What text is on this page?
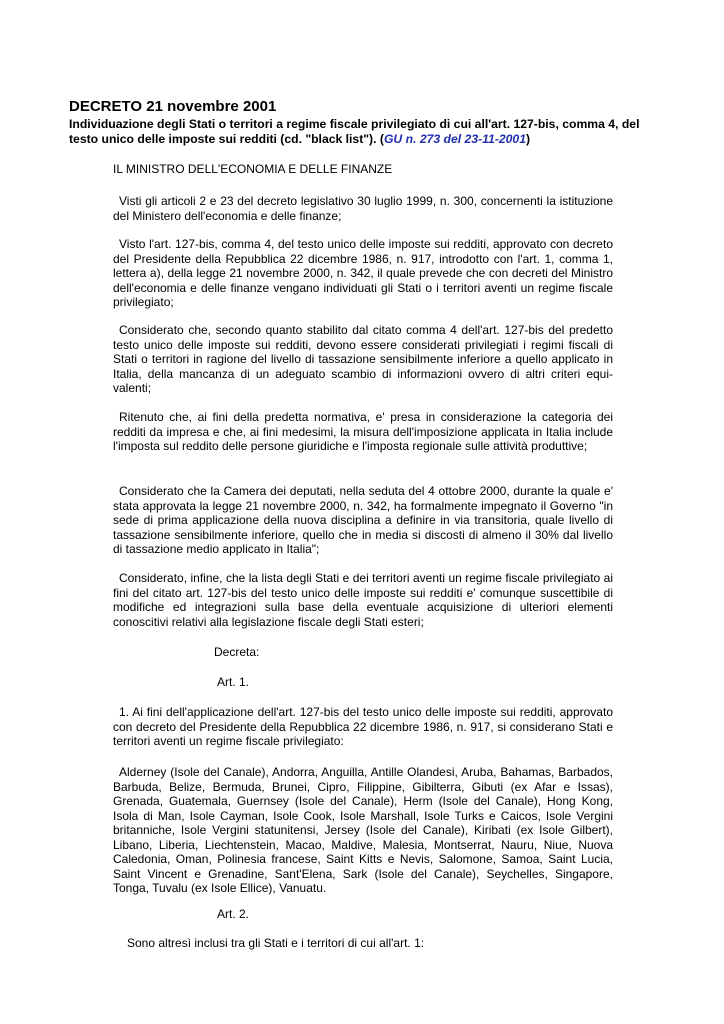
DECRETO 21 novembre 2001

Individuazione degli Stati o territori a regime fiscale privilegiato di cui all'art. 127-bis, comma 4, del testo unico delle imposte sui redditi (cd. "black list"). (GU n. 273 del 23-11-2001)

IL MINISTRO DELL'ECONOMIA E DELLE FINANZE

Visti gli articoli 2 e 23 del decreto legislativo 30 luglio 1999, n. 300, concernenti la istituzione del Ministero dell'economia e delle finanze;

Visto l'art. 127-bis, comma 4, del testo unico delle imposte sui redditi, approvato con decreto del Presidente della Repubblica 22 dicembre 1986, n. 917, introdotto con l'art. 1, comma 1, lettera a), della legge 21 novembre 2000, n. 342, il quale prevede che con decreti del Ministro dell'economia e delle finanze vengano individuati gli Stati o i territori aventi un regime fiscale privilegiato;

Considerato che, secondo quanto stabilito dal citato comma 4 dell'art. 127-bis del predetto testo unico delle imposte sui redditi, devono essere considerati privilegiati i regimi fiscali di Stati o territori in ragione del livello di tassazione sensibilmente inferiore a quello applicato in Italia, della mancanza di un adeguato scambio di informazioni ovvero di altri criteri equi-valenti;

Ritenuto che, ai fini della predetta normativa, e' presa in considerazione la categoria dei redditi da impresa e che, ai fini medesimi, la misura dell'imposizione applicata in Italia include l'imposta sul reddito delle persone giuridiche e l'imposta regionale sulle attività produttive;

Considerato che la Camera dei deputati, nella seduta del 4 ottobre 2000, durante la quale e' stata approvata la legge 21 novembre 2000, n. 342, ha formalmente impegnato il Governo "in sede di prima applicazione della nuova disciplina a definire in via transitoria, quale livello di tassazione sensibilmente inferiore, quello che in media si discosti di almeno il 30% dal livello di tassazione medio applicato in Italia";

Considerato, infine, che la lista degli Stati e dei territori aventi un regime fiscale privilegiato ai fini del citato art. 127-bis del testo unico delle imposte sui redditi e' comunque suscettibile di modifiche ed integrazioni sulla base della eventuale acquisizione di ulteriori elementi conoscitivi relativi alla legislazione fiscale degli Stati esteri;

Decreta:

Art. 1.

1. Ai fini dell'applicazione dell'art. 127-bis del testo unico delle imposte sui redditi, approvato con decreto del Presidente della Repubblica 22 dicembre 1986, n. 917, si considerano Stati e territori aventi un regime fiscale privilegiato:

Alderney (Isole del Canale), Andorra, Anguilla, Antille Olandesi, Aruba, Bahamas, Barbados, Barbuda, Belize, Bermuda, Brunei, Cipro, Filippine, Gibilterra, Gibuti (ex Afar e Issas), Grenada, Guatemala, Guernsey (Isole del Canale), Herm (Isole del Canale), Hong Kong, Isola di Man, Isole Cayman, Isole Cook, Isole Marshall, Isole Turks e Caicos, Isole Vergini britanniche, Isole Vergini statunitensi, Jersey (Isole del Canale), Kiribati (ex Isole Gilbert), Libano, Liberia, Liechtenstein, Macao, Maldive, Malesia, Montserrat, Nauru, Niue, Nuova Caledonia, Oman, Polinesia francese, Saint Kitts e Nevis, Salomone, Samoa, Saint Lucia, Saint Vincent e Grenadine, Sant'Elena, Sark (Isole del Canale), Seychelles, Singapore, Tonga, Tuvalu (ex Isole Ellice), Vanuatu.

Art. 2.

Sono altresì inclusi tra gli Stati e i territori di cui all'art. 1:
